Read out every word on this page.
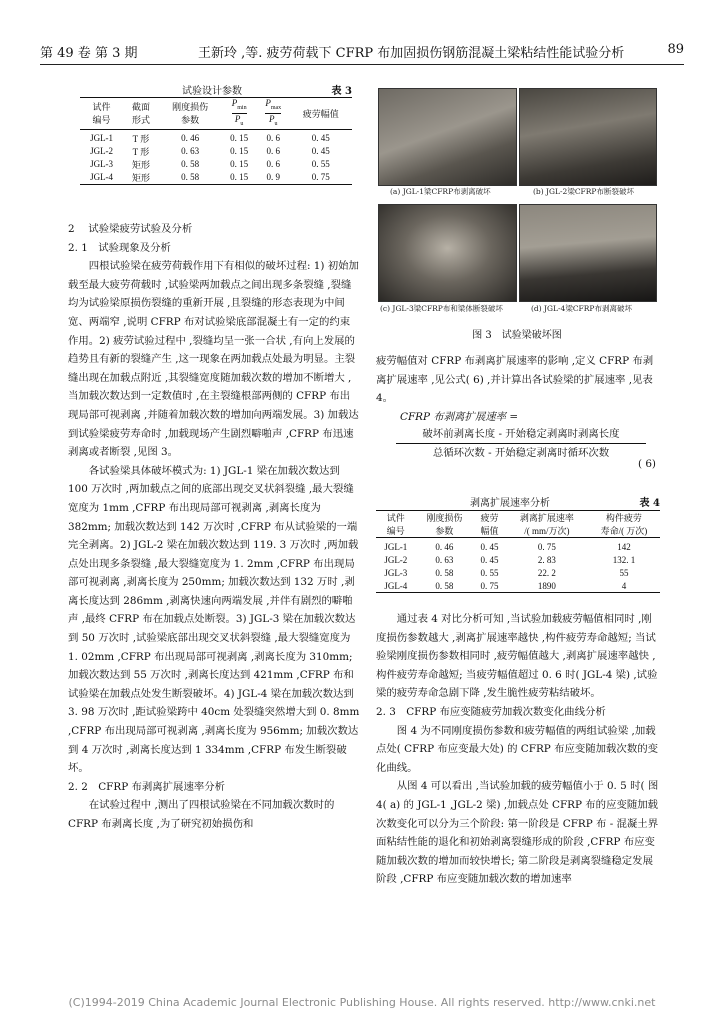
第 49 卷 第 3 期	王新玲 ,等. 疲劳荷载下 CFRP 布加固损伤钢筋混凝土梁粘结性能试验分析	89
试验设计参数	表 3
试件
编号	截面
形式	刚度损伤
参数	$\frac{P_{min}}{P_u}$	$\frac{P_{max}}{P_u}$	疲劳幅值
JGL-1	T 形	0. 46	0. 15	0. 6	0. 45
JGL-2	T 形	0. 63	0. 15	0. 6	0. 45
JGL-3	矩形	0. 58	0. 15	0. 6	0. 55
JGL-4	矩形	0. 58	0. 15	0. 9	0. 75

2 　试验梁疲劳试验及分析

2. 1　试验现象及分析

四根试验梁在疲劳荷载作用下有相似的破坏过程: 1) 初始加载至最大疲劳荷载时 ,试验梁两加载点之间出现多条裂缝 ,裂缝均为试验梁原损伤裂缝的重新开展 ,且裂缝的形态表现为中间宽、两端窄 ,说明 CFRP 布对试验梁底部混凝土有一定的约束作用。2) 疲劳试验过程中 ,裂缝均呈一张一合状 ,有向上发展的趋势且有新的裂缝产生 ,这一现象在两加载点处最为明显。主裂缝出现在加载点附近 ,其裂缝宽度随加载次数的增加不断增大 ,当加载次数达到一定数值时 ,在主裂缝根部两侧的 CFRP 布出现局部可视剥离 ,并随着加载次数的增加向两端发展。3) 加载达到试验梁疲劳寿命时 ,加载现场产生剧烈噼啪声 ,CFRP 布迅速剥离或者断裂 ,见图 3。

各试验梁具体破坏模式为: 1) JGL-1 梁在加载次数达到 100 万次时 ,两加载点之间的底部出现交叉状斜裂缝 ,最大裂缝宽度为 1mm ,CFRP 布出现局部可视剥离 ,剥离长度为 382mm; 加载次数达到 142 万次时 ,CFRP 布从试验梁的一端完全剥离。2) JGL-2 梁在加载次数达到 119. 3 万次时 ,两加载点处出现多条裂缝 ,最大裂缝宽度为 1. 2mm ,CFRP 布出现局部可视剥离 ,剥离长度为 250mm; 加载次数达到 132 万时 ,剥离长度达到 286mm ,剥离快速向两端发展 ,并伴有剧烈的噼啪声 ,最终 CFRP 布在加载点处断裂。3) JGL-3 梁在加载次数达到 50 万次时 ,试验梁底部出现交叉状斜裂缝 ,最大裂缝宽度为 1. 02mm ,CFRP 布出现局部可视剥离 ,剥离长度为 310mm; 加载次数达到 55 万次时 ,剥离长度达到 421mm ,CFRP 布和试验梁在加载点处发生断裂破坏。4) JGL-4 梁在加载次数达到 3. 98 万次时 ,距试验梁跨中 40cm 处裂缝突然增大到 0. 8mm ,CFRP 布出现局部可视剥离 ,剥离长度为 956mm; 加载次数达到 4 万次时 ,剥离长度达到 1 334mm ,CFRP 布发生断裂破坏。

2. 2　CFRP 布剥离扩展速率分析

在试验过程中 ,测出了四根试验梁在不同加载次数时的 CFRP 布剥离长度 ,为了研究初始损伤和

(a) JGL-1梁CFRP布剥离破坏	(b) JGL-2梁CFRP布断裂破坏
(c) JGL-3梁CFRP布和梁体断裂破坏	(d) JGL-4梁CFRP布剥离破坏
图 3　试验梁破坏图

疲劳幅值对 CFRP 布剥离扩展速率的影响 ,定义 CFRP 布剥离扩展速率 ,见公式( 6) ,并计算出各试验梁的扩展速率 ,见表 4。

CFRP 布剥离扩展速率 =
破坏前剥离长度 - 开始稳定剥离时剥离长度
总循环次数 - 开始稳定剥离时循环次数
( 6)
剥离扩展速率分析	表 4
试件
编号	刚度损伤
参数	疲劳
幅值	剥离扩展速率
/( mm/万次)	构件疲劳
寿命/( 万次)
JGL-1	0. 46	0. 45	0. 75	142
JGL-2	0. 63	0. 45	2. 83	132. 1
JGL-3	0. 58	0. 55	22. 2	55
JGL-4	0. 58	0. 75	1890	4

通过表 4 对比分析可知 ,当试验加载疲劳幅值相同时 ,刚度损伤参数越大 ,剥离扩展速率越快 ,构件疲劳寿命越短; 当试验梁刚度损伤参数相同时 ,疲劳幅值越大 ,剥离扩展速率越快 ,构件疲劳寿命越短; 当疲劳幅值超过 0. 6 时( JGL-4 梁) ,试验梁的疲劳寿命急剧下降 ,发生脆性疲劳粘结破坏。

2. 3　CFRP 布应变随疲劳加载次数变化曲线分析

图 4 为不同刚度损伤参数和疲劳幅值的两组试验梁 ,加载点处( CFRP 布应变最大处) 的 CFRP 布应变随加载次数的变化曲线。

从图 4 可以看出 ,当试验加载的疲劳幅值小于 0. 5 时( 图 4( a) 的 JGL-1 ,JGL-2 梁) ,加载点处 CFRP 布的应变随加载次数变化可以分为三个阶段: 第一阶段是 CFRP 布 - 混凝土界面粘结性能的退化和初始剥离裂缝形成的阶段 ,CFRP 布应变随加载次数的增加而较快增长; 第二阶段是剥离裂缝稳定发展阶段 ,CFRP 布应变随加载次数的增加速率

(C)1994-2019 China Academic Journal Electronic Publishing House. All rights reserved. http://www.cnki.net
